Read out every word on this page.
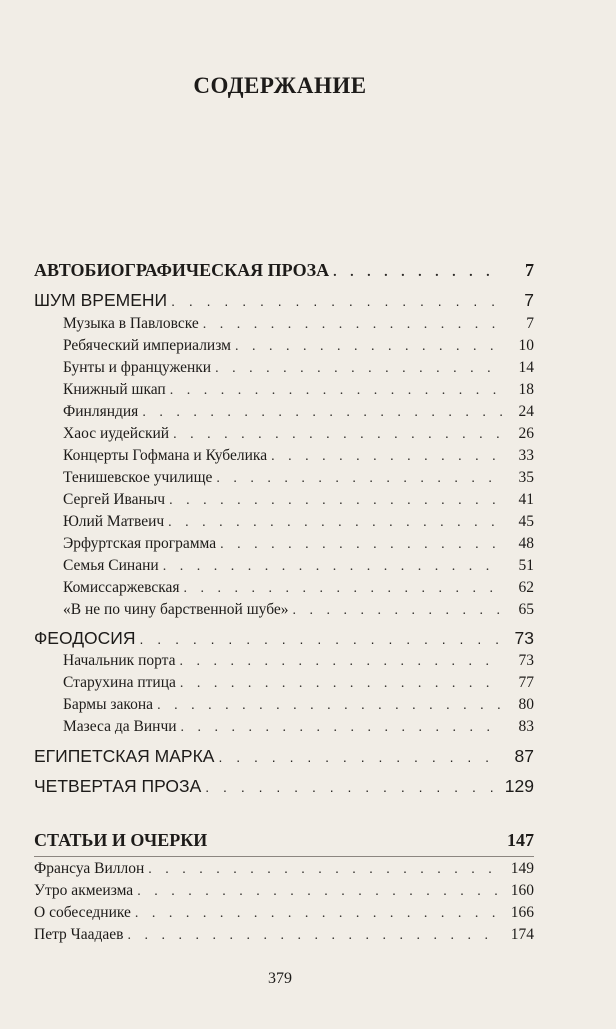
СОДЕРЖАНИЕ
АВТОБИОГРАФИЧЕСКАЯ ПРОЗА . . .	7
ШУМ ВРЕМЕНИ . . .	7
Музыка в Павловске . . .	7
Ребяческий империализм . . .	10
Бунты и француженки . . .	14
Книжный шкап . . .	18
Финляндия . . .	24
Хаос иудейский . . .	26
Концерты Гофмана и Кубелика . . .	33
Тенишевское училище . . .	35
Сергей Иваныч . . .	41
Юлий Матвеич . . .	45
Эрфуртская программа . . .	48
Семья Синани . . .	51
Комиссаржевская . . .	62
«В не по чину барственной шубе» . . .	65
ФЕОДОСИЯ . . .	73
Начальник порта . . .	73
Старухина птица . . .	77
Бармы закона . . .	80
Мазеса да Винчи . . .	83
ЕГИПЕТСКАЯ МАРКА . . .	87
ЧЕТВЕРТАЯ ПРОЗА . . .	129
СТАТЬИ И ОЧЕРКИ	147
Франсуа Виллон . . .	149
Утро акмеизма . . .	160
О собеседнике . . .	166
Петр Чаадаев . . .	174
379
